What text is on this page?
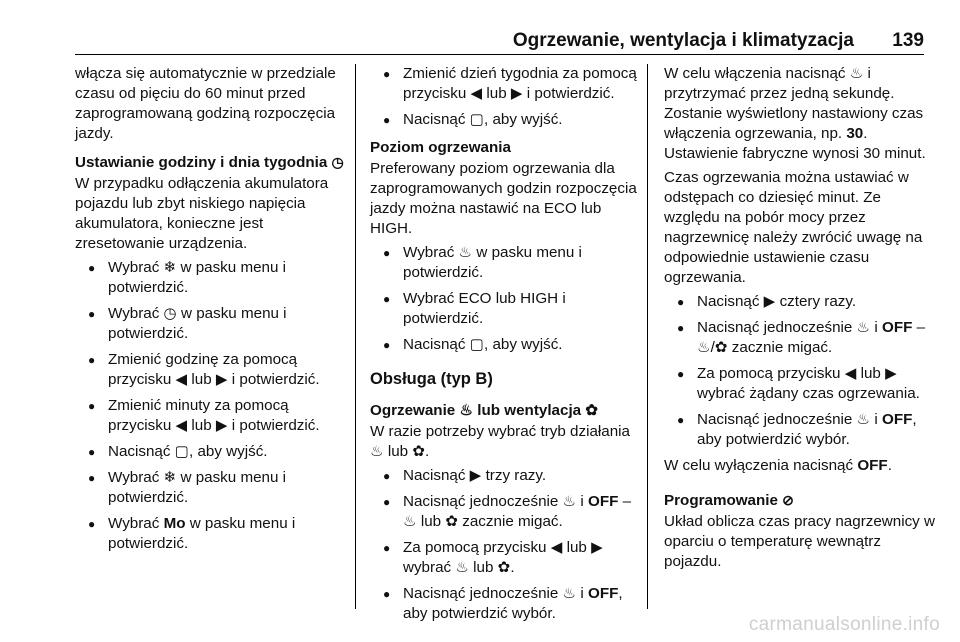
Ogrzewanie, wentylacja i klimatyzacja 139

włącza się automatycznie w przedziale czasu od pięciu do 60 minut przed zaprogramowaną godziną rozpoczęcia jazdy.

Ustawianie godziny i dnia tygodnia ◷

W przypadku odłączenia akumulatora pojazdu lub zbyt niskiego napięcia akumulatora, konieczne jest zresetowanie urządzenia.

● Wybrać ❄ w pasku menu i potwierdzić.
● Wybrać ◷ w pasku menu i potwierdzić.
● Zmienić godzinę za pomocą przycisku ◀ lub ▶ i potwierdzić.
● Zmienić minuty za pomocą przycisku ◀ lub ▶ i potwierdzić.
● Nacisnąć ▢, aby wyjść.
● Wybrać ❄ w pasku menu i potwierdzić.
● Wybrać Mo w pasku menu i potwierdzić.
● Zmienić dzień tygodnia za pomocą przycisku ◀ lub ▶ i potwierdzić.
● Nacisnąć ▢, aby wyjść.

Poziom ogrzewania

Preferowany poziom ogrzewania dla zaprogramowanych godzin rozpoczęcia jazdy można nastawić na ECO lub HIGH.

● Wybrać ♨ w pasku menu i potwierdzić.
● Wybrać ECO lub HIGH i potwierdzić.
● Nacisnąć ▢, aby wyjść.

Obsługa (typ B)

Ogrzewanie ♨ lub wentylacja ✿

W razie potrzeby wybrać tryb działania ♨ lub ✿.

● Nacisnąć ▶ trzy razy.
● Nacisnąć jednocześnie ♨ i OFF – ♨ lub ✿ zacznie migać.
● Za pomocą przycisku ◀ lub ▶ wybrać ♨ lub ✿.
● Nacisnąć jednocześnie ♨ i OFF, aby potwierdzić wybór.

W celu włączenia nacisnąć ♨ i przytrzymać przez jedną sekundę. Zostanie wyświetlony nastawiony czas włączenia ogrzewania, np. 30. Ustawienie fabryczne wynosi 30 minut.

Czas ogrzewania można ustawiać w odstępach co dziesięć minut. Ze względu na pobór mocy przez nagrzewnicę należy zwrócić uwagę na odpowiednie ustawienie czasu ogrzewania.

● Nacisnąć ▶ cztery razy.
● Nacisnąć jednocześnie ♨ i OFF – ♨/✿ zacznie migać.
● Za pomocą przycisku ◀ lub ▶ wybrać żądany czas ogrzewania.
● Nacisnąć jednocześnie ♨ i OFF, aby potwierdzić wybór.

W celu wyłączenia nacisnąć OFF.

Programowanie ⊘

Układ oblicza czas pracy nagrzewnicy w oparciu o temperaturę wewnątrz pojazdu.

carmanualsonline.info
